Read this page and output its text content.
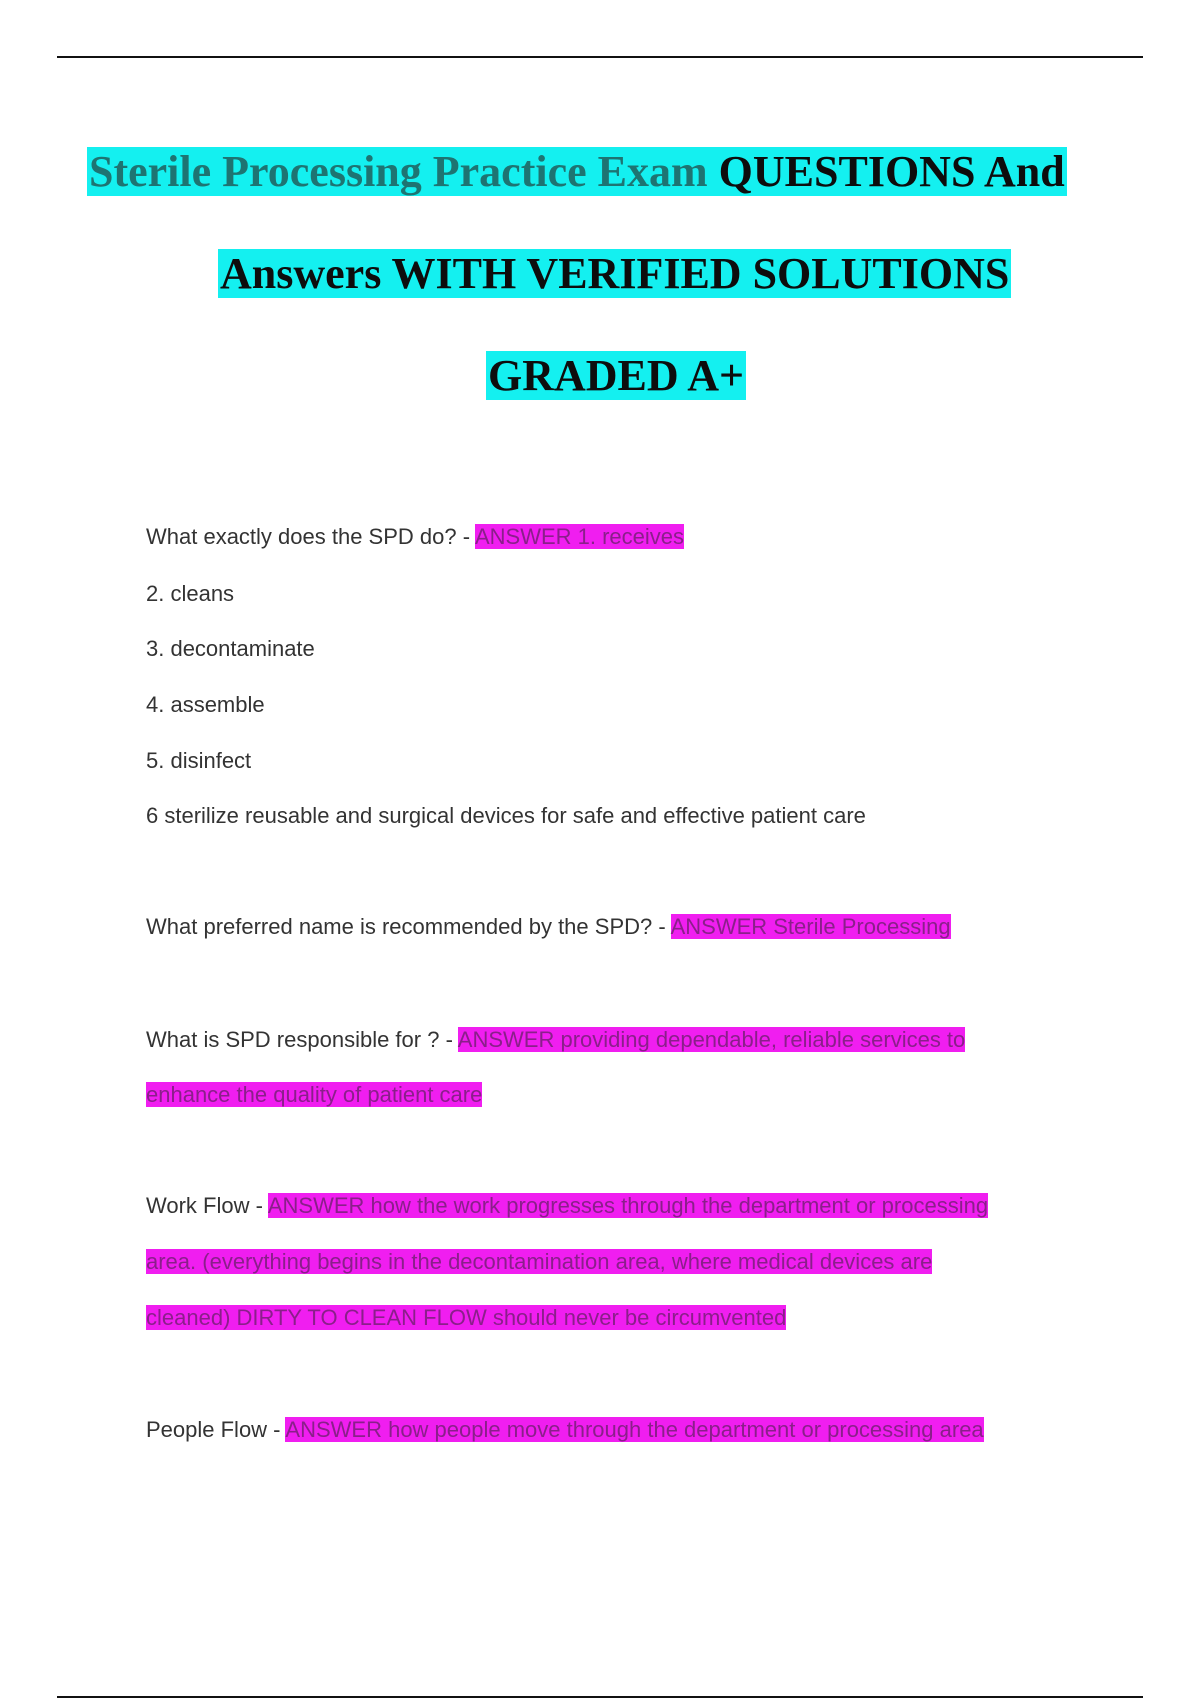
Sterile Processing Practice Exam QUESTIONS And
Answers WITH VERIFIED SOLUTIONS
GRADED A+
What exactly does the SPD do? - ANSWER 1. receives
2. cleans
3. decontaminate
4. assemble
5. disinfect
6 sterilize reusable and surgical devices for safe and effective patient care
What preferred name is recommended by the SPD? - ANSWER Sterile Processing
What is SPD responsible for ? - ANSWER providing dependable, reliable services to
enhance the quality of patient care
Work Flow - ANSWER how the work progresses through the department or processing
area. (everything begins in the decontamination area, where medical devices are
cleaned) DIRTY TO CLEAN FLOW should never be circumvented
People Flow - ANSWER how people move through the department or processing area
